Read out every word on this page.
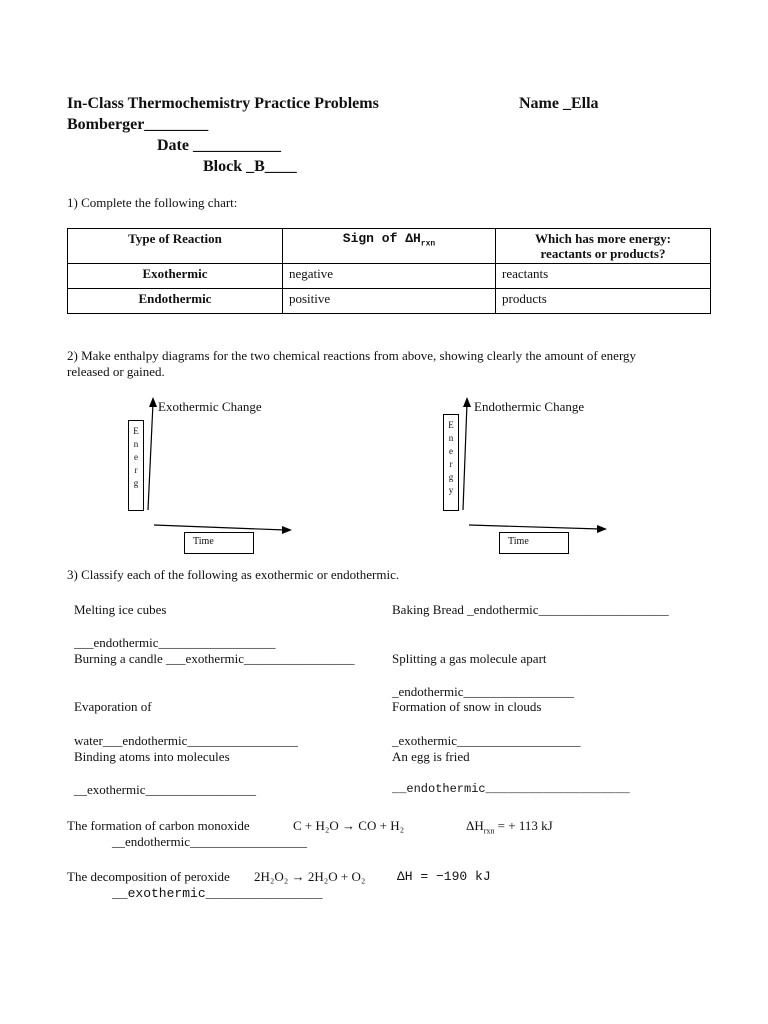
In-Class Thermochemistry Practice Problems	Name _Ella
Bomberger________
Date ___________
Block _B____
1) Complete the following chart:
Type of Reaction	Sign of $\Delta H_{rxn}$	Which has more energy:
reactants or products?
Exothermic	negative	reactants
Endothermic	positive	products
2) Make enthalpy diagrams for the two chemical reactions from above, showing clearly the amount of energy
released or gained.
Exothermic Change
E
n
e
r
g
Time
Endothermic Change
E
n
e
r
g
y
Time
3) Classify each of the following as exothermic or endothermic.
Melting ice cubes
___endothermic__________________
Burning a candle ___exothermic_________________
Evaporation of
water___endothermic_________________
Binding atoms into molecules
__exothermic_________________
Baking Bread _endothermic____________________
Splitting a gas molecule apart
_endothermic_________________
Formation of snow in clouds
_exothermic___________________
An egg is fried
__endothermic____________________
The formation of carbon monoxide	C + H₂O → CO + H₂	$\Delta H_{rxn}$ = + 113 kJ
__endothermic__________________
The decomposition of peroxide 2H₂O₂ → 2H₂O + O₂ ΔH = −190 kJ
__exothermic_______________
